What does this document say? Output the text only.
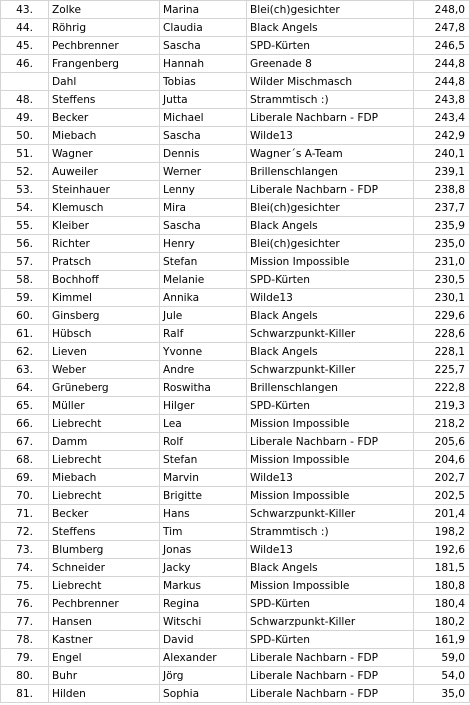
43.	Zolke	Marina	Blei(ch)gesichter	248,0
44.	Röhrig	Claudia	Black Angels	247,8
45.	Pechbrenner	Sascha	SPD-Kürten	246,5
46.	Frangenberg	Hannah	Greenade 8	244,8
	Dahl	Tobias	Wilder Mischmasch	244,8
48.	Steffens	Jutta	Strammtisch :)	243,8
49.	Becker	Michael	Liberale Nachbarn - FDP	243,4
50.	Miebach	Sascha	Wilde13	242,9
51.	Wagner	Dennis	Wagner´s A-Team	240,1
52.	Auweiler	Werner	Brillenschlangen	239,1
53.	Steinhauer	Lenny	Liberale Nachbarn - FDP	238,8
54.	Klemusch	Mira	Blei(ch)gesichter	237,7
55.	Kleiber	Sascha	Black Angels	235,9
56.	Richter	Henry	Blei(ch)gesichter	235,0
57.	Pratsch	Stefan	Mission Impossible	231,0
58.	Bochhoff	Melanie	SPD-Kürten	230,5
59.	Kimmel	Annika	Wilde13	230,1
60.	Ginsberg	Jule	Black Angels	229,6
61.	Hübsch	Ralf	Schwarzpunkt-Killer	228,6
62.	Lieven	Yvonne	Black Angels	228,1
63.	Weber	Andre	Schwarzpunkt-Killer	225,7
64.	Grüneberg	Roswitha	Brillenschlangen	222,8
65.	Müller	Hilger	SPD-Kürten	219,3
66.	Liebrecht	Lea	Mission Impossible	218,2
67.	Damm	Rolf	Liberale Nachbarn - FDP	205,6
68.	Liebrecht	Stefan	Mission Impossible	204,6
69.	Miebach	Marvin	Wilde13	202,7
70.	Liebrecht	Brigitte	Mission Impossible	202,5
71.	Becker	Hans	Schwarzpunkt-Killer	201,4
72.	Steffens	Tim	Strammtisch :)	198,2
73.	Blumberg	Jonas	Wilde13	192,6
74.	Schneider	Jacky	Black Angels	181,5
75.	Liebrecht	Markus	Mission Impossible	180,8
76.	Pechbrenner	Regina	SPD-Kürten	180,4
77.	Hansen	Witschi	Schwarzpunkt-Killer	180,2
78.	Kastner	David	SPD-Kürten	161,9
79.	Engel	Alexander	Liberale Nachbarn - FDP	59,0
80.	Buhr	Jörg	Liberale Nachbarn - FDP	54,0
81.	Hilden	Sophia	Liberale Nachbarn - FDP	35,0
